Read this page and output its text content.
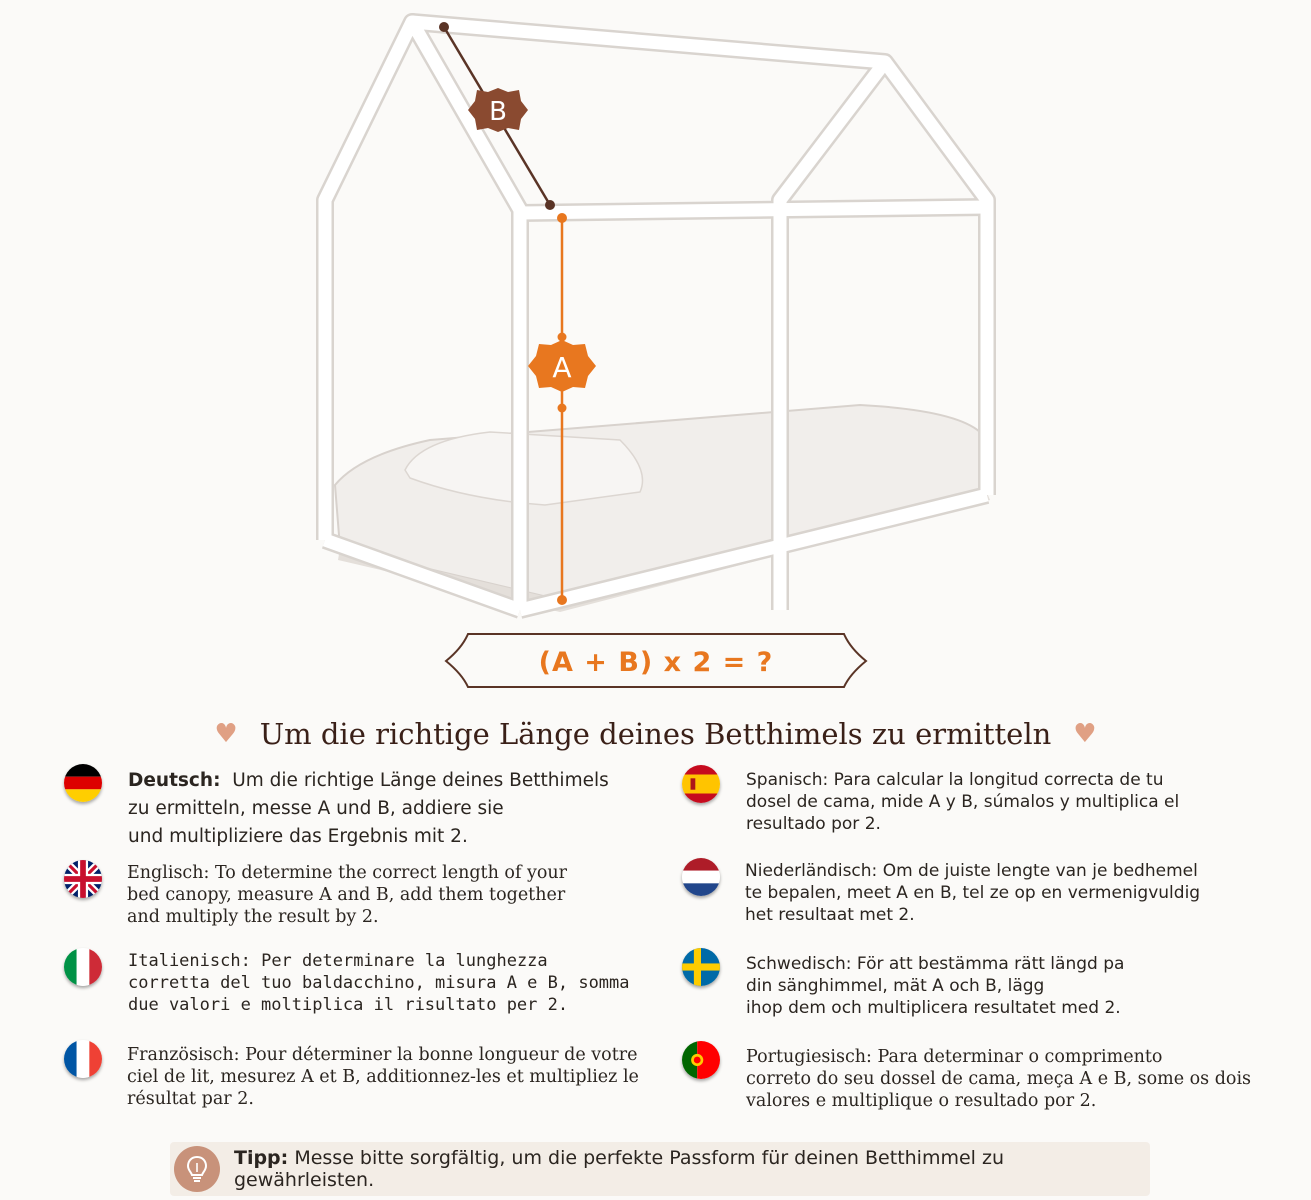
B
A
(A + B) x 2 = ?
♥ Um die richtige Länge deines Betthimels zu ermitteln ♥
Deutsch: Um die richtige Länge deines Betthimels
zu ermitteln, messe A und B, addiere sie
und multipliziere das Ergebnis mit 2.
Englisch: To determine the correct length of your
bed canopy, measure A and B, add them together
and multiply the result by 2.
Italienisch: Per determinare la lunghezza
corretta del tuo baldacchino, misura A e B, somma
due valori e moltiplica il risultato per 2.
Französisch: Pour déterminer la bonne longueur de votre
ciel de lit, mesurez A et B, additionnez-les et multipliez le
résultat par 2.
Spanisch: Para calcular la longitud correcta de tu
dosel de cama, mide A y B, súmalos y multiplica el
resultado por 2.
Niederländisch: Om de juiste lengte van je bedhemel
te bepalen, meet A en B, tel ze op en vermenigvuldig
het resultaat met 2.
Schwedisch: För att bestämma rätt längd pa
din sänghimmel, mät A och B, lägg
ihop dem och multiplicera resultatet med 2.
Portugiesisch: Para determinar o comprimento
correto do seu dossel de cama, meça A e B, some os dois
valores e multiplique o resultado por 2.
Tipp: Messe bitte sorgfältig, um die perfekte Passform für deinen Betthimmel zu gewährleisten.
